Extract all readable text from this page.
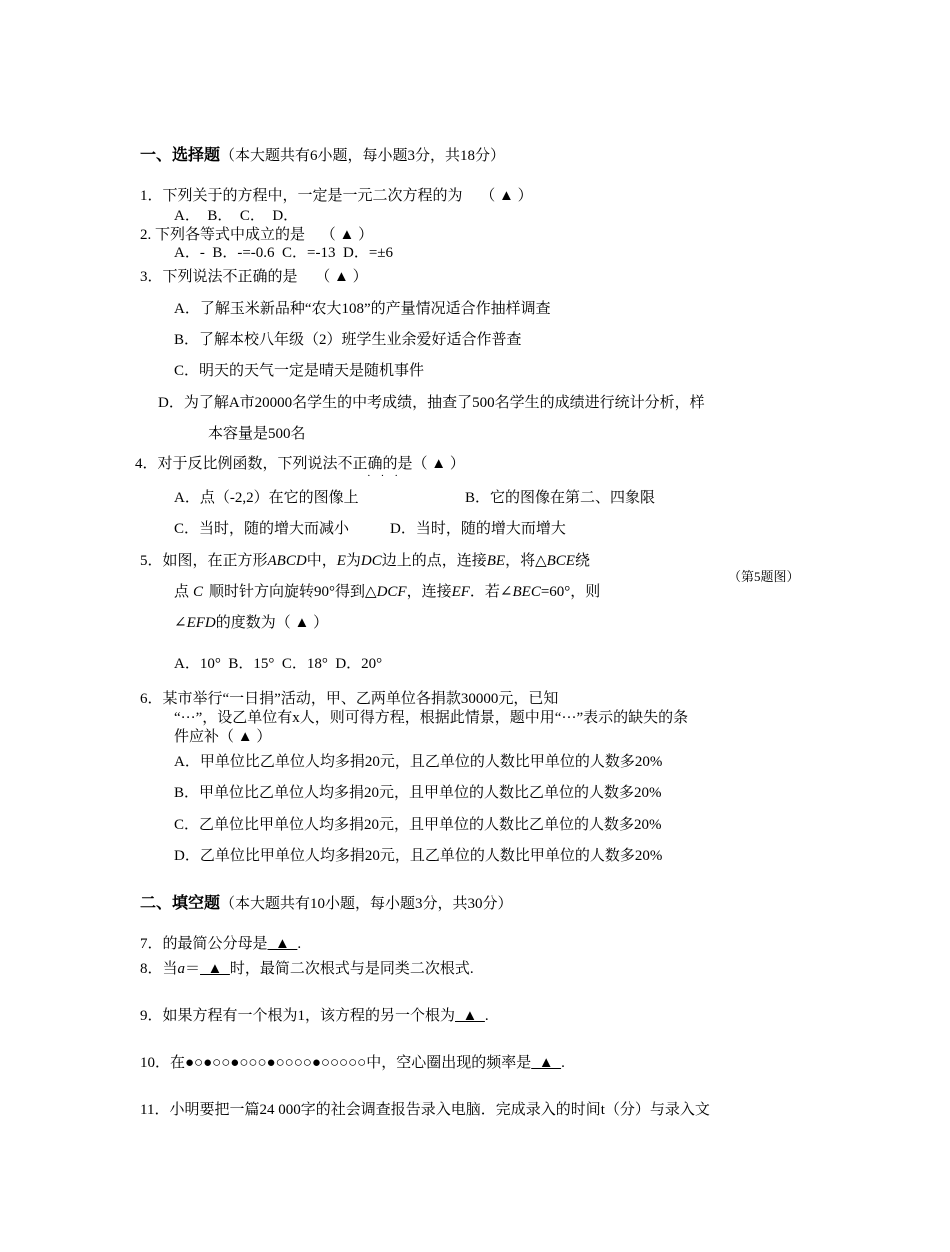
一、选择题（本大题共有6小题，每小题3分，共18分）
1．下列关于的方程中，一定是一元二次方程的为 （ ▲ ）
A．  B．  C．  D．
2. 下列各等式中成立的是 （ ▲ ）
A．-  B．-=-0.6  C．=-13  D．=±6
3．下列说法不正确的是 （ ▲ ）
A．了解玉米新品种“农大108”的产量情况适合作抽样调查
B．了解本校八年级（2）班学生业余爱好适合作普查
C．明天的天气一定是晴天是随机事件
D．为了解A市20000名学生的中考成绩，抽查了500名学生的成绩进行统计分析，样
本容量是500名
4．对于反比例函数，下列说法不正确的是（ ▲ ）
···
A．点（-2,2）在它的图像上	B．它的图像在第二、四象限
C．当时，随的增大而减小	D．当时，随的增大而增大
5．如图，在正方形ABCD中，E为DC边上的点，连接BE，将△BCE绕
点 C 顺时针方向旋转90°得到△DCF，连接EF．若∠BEC=60°，则
∠EFD的度数为（ ▲ ）
A．10°  B．15°  C．18°  D．20°
（第5题图）
6．某市举行“一日捐”活动，甲、乙两单位各捐款30000元，已知
“···”，设乙单位有x人，则可得方程，根据此情景，题中用“···”表示的缺失的条
件应补（ ▲ ）
A．甲单位比乙单位人均多捐20元，且乙单位的人数比甲单位的人数多20%
B．甲单位比乙单位人均多捐20元，且甲单位的人数比乙单位的人数多20%
C．乙单位比甲单位人均多捐20元，且甲单位的人数比乙单位的人数多20%
D．乙单位比甲单位人均多捐20元，且乙单位的人数比甲单位的人数多20%
二、填空题（本大题共有10小题，每小题3分，共30分）
7．的最简公分母是  ▲  .
8．当a＝  ▲  时，最简二次根式与是同类二次根式.
9．如果方程有一个根为1，该方程的另一个根为  ▲  .
10．在●○●○○●○○○●○○○○●○○○○○中，空心圈出现的频率是  ▲  .
11．小明要把一篇24 000字的社会调查报告录入电脑．完成录入的时间t（分）与录入文
